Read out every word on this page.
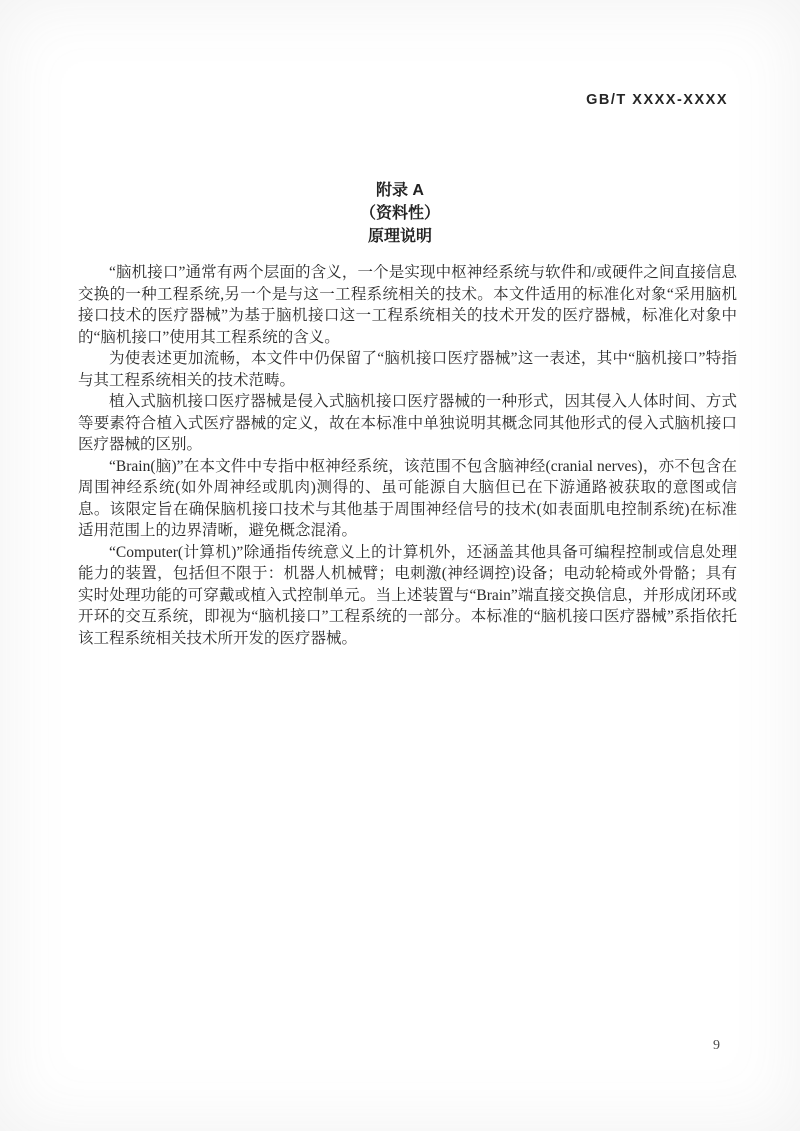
GB/T XXXX-XXXX
附录 A
（资料性）
原理说明

“脑机接口”通常有两个层面的含义，一个是实现中枢神经系统与软件和/或硬件之间直接信息交换的一种工程系统,另一个是与这一工程系统相关的技术。本文件适用的标准化对象“采用脑机接口技术的医疗器械”为基于脑机接口这一工程系统相关的技术开发的医疗器械，标准化对象中的“脑机接口”使用其工程系统的含义。

为使表述更加流畅，本文件中仍保留了“脑机接口医疗器械”这一表述，其中“脑机接口”特指与其工程系统相关的技术范畴。

植入式脑机接口医疗器械是侵入式脑机接口医疗器械的一种形式，因其侵入人体时间、方式等要素符合植入式医疗器械的定义，故在本标准中单独说明其概念同其他形式的侵入式脑机接口医疗器械的区别。

“Brain(脑)”在本文件中专指中枢神经系统，该范围不包含脑神经(cranial nerves)，亦不包含在周围神经系统(如外周神经或肌肉)测得的、虽可能源自大脑但已在下游通路被获取的意图或信息。该限定旨在确保脑机接口技术与其他基于周围神经信号的技术(如表面肌电控制系统)在标准适用范围上的边界清晰，避免概念混淆。

“Computer(计算机)”除通指传统意义上的计算机外，还涵盖其他具备可编程控制或信息处理能力的装置，包括但不限于：机器人机械臂；电刺激(神经调控)设备；电动轮椅或外骨骼；具有实时处理功能的可穿戴或植入式控制单元。当上述装置与“Brain”端直接交换信息，并形成闭环或开环的交互系统，即视为“脑机接口”工程系统的一部分。本标准的“脑机接口医疗器械”系指依托该工程系统相关技术所开发的医疗器械。

9
